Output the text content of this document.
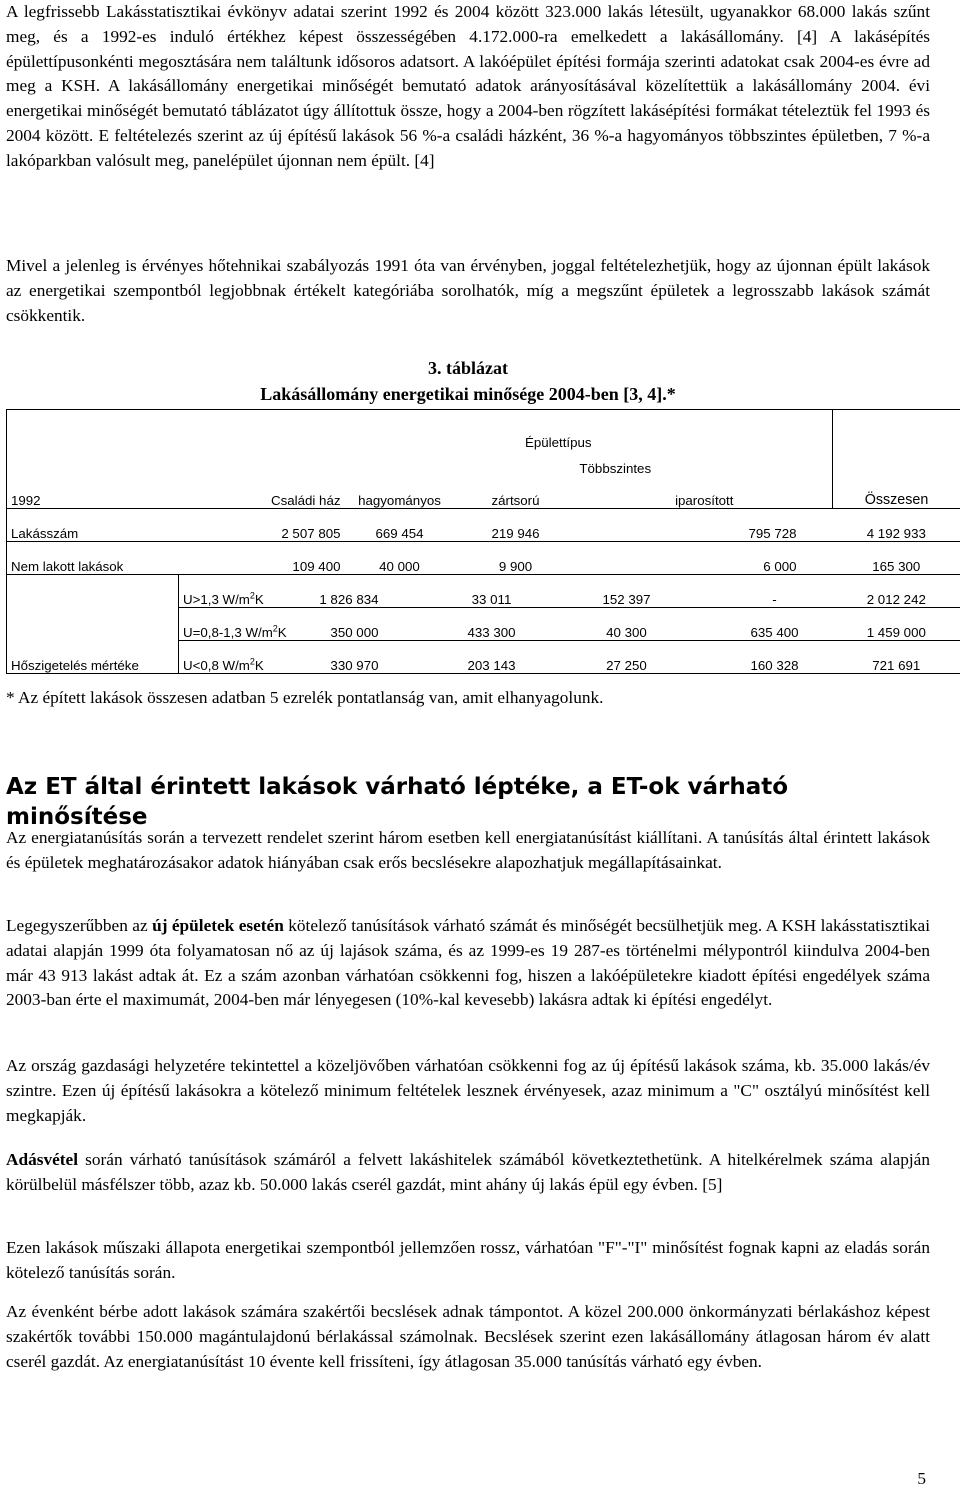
A legfrissebb Lakásstatisztikai évkönyv adatai szerint 1992 és 2004 között 323.000 lakás létesült, ugyanakkor 68.000 lakás szűnt meg, és a 1992-es induló értékhez képest összességében 4.172.000-ra emelkedett a lakásállomány. [4] A lakásépítés épülettípusonkénti megosztására nem találtunk idősoros adatsort. A lakóépület építési formája szerinti adatokat csak 2004-es évre ad meg a KSH. A lakásállomány energetikai minőségét bemutató adatok arányosításával közelítettük a lakásállomány 2004. évi energetikai minőségét bemutató táblázatot úgy állítottuk össze, hogy a 2004-ben rögzített lakásépítési formákat tételeztük fel 1993 és 2004 között. E feltételezés szerint az új építésű lakások 56 %-a családi házként, 36 %-a hagyományos többszintes épületben, 7 %-a lakóparkban valósult meg, panelépület újonnan nem épült. [4]

Mivel a jelenleg is érvényes hőtehnikai szabályozás 1991 óta van érvényben, joggal feltételezhetjük, hogy az újonnan épült lakások az energetikai szempontból legjobbnak értékelt kategóriába sorolhatók, míg a megszűnt épületek a legrosszabb lakások számát csökkentik.

3. táblázat
Lakásállomány energetikai minősége 2004-ben [3, 4].*
		Épülettípus	
			Többszintes	
1992	Családi ház	hagyományos	zártsorú	iparosított	Összesen
Lakásszám	2 507 805	669 454	219 946	795 728	4 192 933
Nem lakott lakások	109 400	40 000	9 900	6 000	165 300
	U>1,3 $W/m^2K$	1 826 834	33 011	152 397	-	2 012 242
	U=0,8-1,3 $W/m^2K$	350 000	433 300	40 300	635 400	1 459 000
Hőszigetelés mértéke	U<0,8 $W/m^2K$	330 970	203 143	27 250	160 328	721 691

* Az épített lakások összesen adatban 5 ezrelék pontatlanság van, amit elhanyagolunk.

Az ET által érintett lakások várható léptéke, a ET-ok várható minősítése

Az energiatanúsítás során a tervezett rendelet szerint három esetben kell energiatanúsítást kiállítani. A tanúsítás által érintett lakások és épületek meghatározásakor adatok hiányában csak erős becslésekre alapozhatjuk megállapításainkat.

Legegyszerűbben az új épületek esetén kötelező tanúsítások várható számát és minőségét becsülhetjük meg. A KSH lakásstatisztikai adatai alapján 1999 óta folyamatosan nő az új lajások száma, és az 1999-es 19 287-es történelmi mélypontról kiindulva 2004-ben már 43 913 lakást adtak át. Ez a szám azonban várhatóan csökkenni fog, hiszen a lakóépületekre kiadott építési engedélyek száma 2003-ban érte el maximumát, 2004-ben már lényegesen (10%-kal kevesebb) lakásra adtak ki építési engedélyt.

Az ország gazdasági helyzetére tekintettel a közeljövőben várhatóan csökkenni fog az új építésű lakások száma, kb. 35.000 lakás/év szintre. Ezen új építésű lakásokra a kötelező minimum feltételek lesznek érvényesek, azaz minimum a "C" osztályú minősítést kell megkapják.

Adásvétel során várható tanúsítások számáról a felvett lakáshitelek számából következtethetünk. A hitelkérelmek száma alapján körülbelül másfélszer több, azaz kb. 50.000 lakás cserél gazdát, mint ahány új lakás épül egy évben. [5]

Ezen lakások műszaki állapota energetikai szempontból jellemzően rossz, várhatóan "F"-"I" minősítést fognak kapni az eladás során kötelező tanúsítás során.

Az évenként bérbe adott lakások számára szakértői becslések adnak támpontot. A közel 200.000 önkormányzati bérlakáshoz képest szakértők további 150.000 magántulajdonú bérlakással számolnak. Becslések szerint ezen lakásállomány átlagosan három év alatt cserél gazdát. Az energiatanúsítást 10 évente kell frissíteni, így átlagosan 35.000 tanúsítás várható egy évben.

5
